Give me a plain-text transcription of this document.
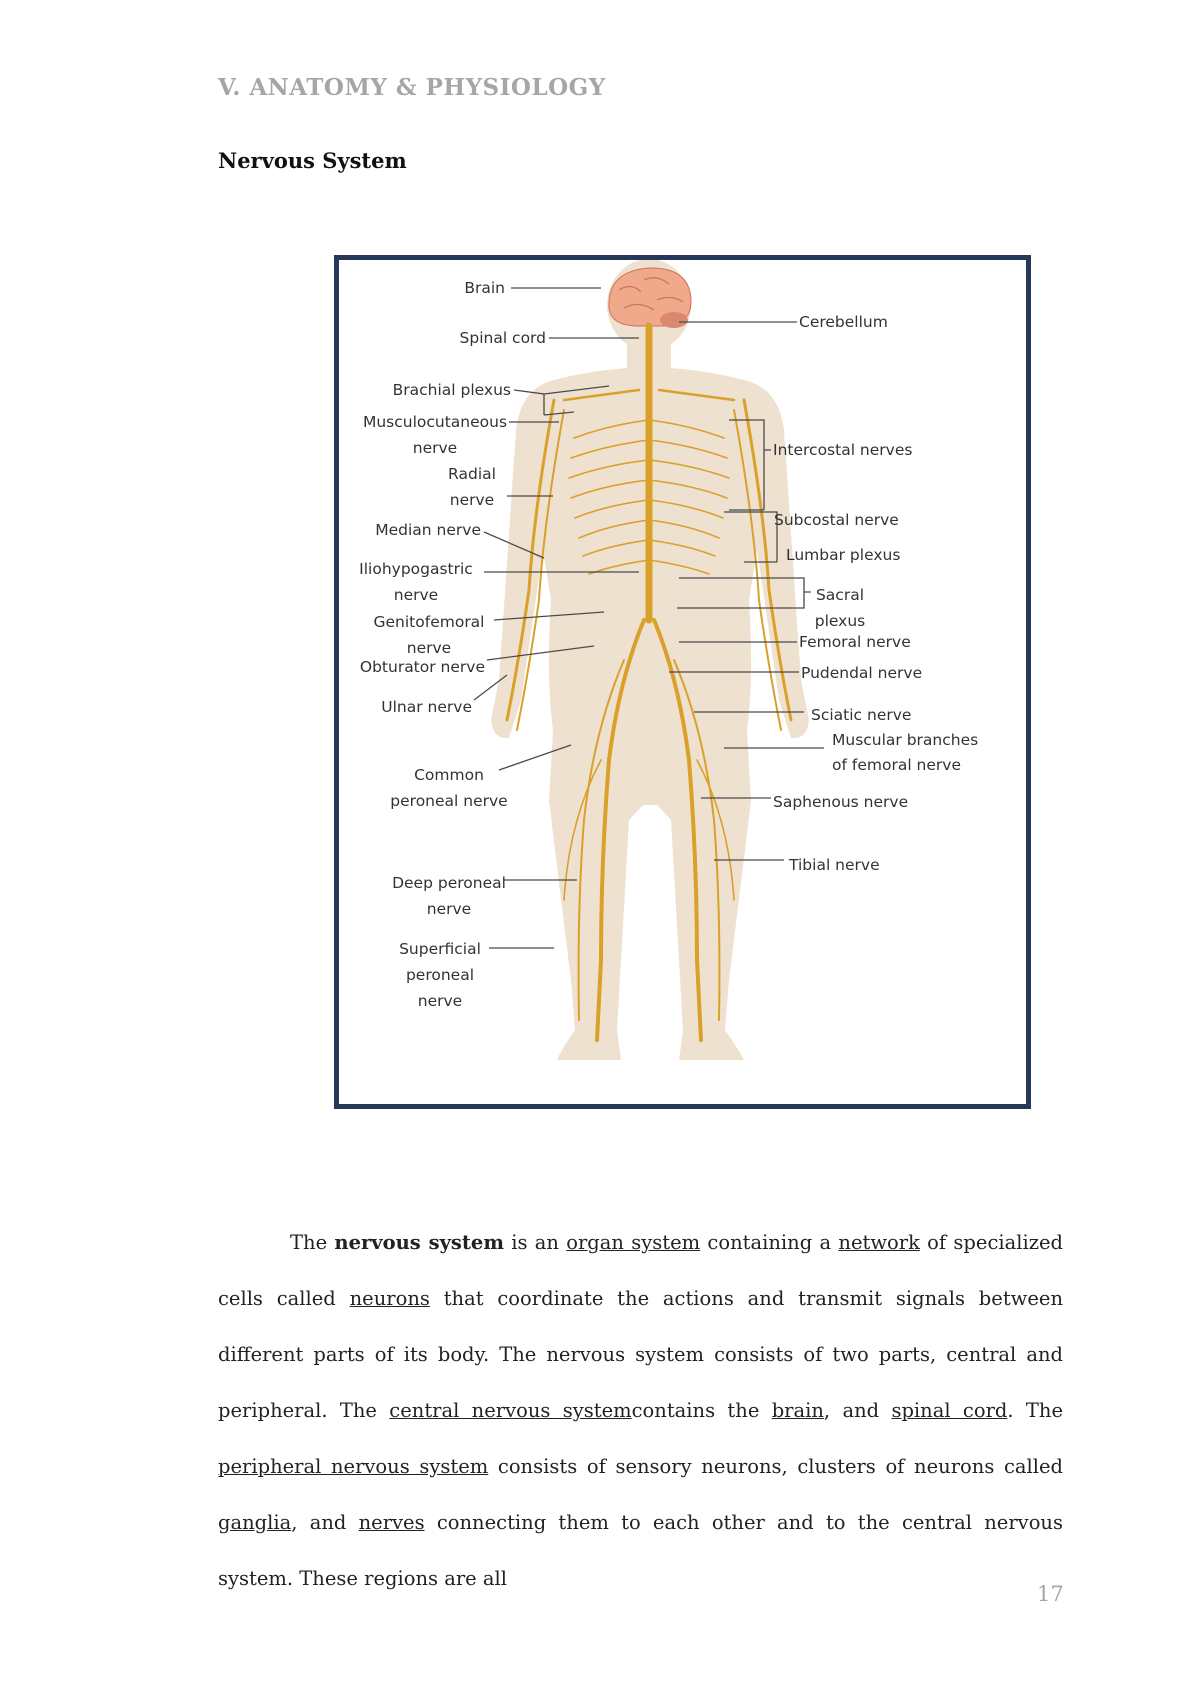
V. ANATOMY & PHYSIOLOGY
Nervous System
Brain
Spinal cord
Brachial plexus
Musculocutaneous
nerve
Radial
nerve
Median nerve
Iliohypogastric
nerve
Genitofemoral
nerve
Obturator nerve
Ulnar nerve
Common
peroneal nerve
Deep peroneal
nerve
Superficial
peroneal
nerve
Cerebellum
Intercostal nerves
Subcostal nerve
Lumbar plexus
Sacral
plexus
Femoral nerve
Pudendal nerve
Sciatic nerve
Muscular branches
of femoral nerve
Saphenous nerve
Tibial nerve
The nervous system is an organ system containing a network of specialized cells called neurons that coordinate the actions and transmit signals between different parts of its body. The nervous system consists of two parts, central and peripheral. The central nervous systemcontains the brain, and spinal cord. The peripheral nervous system consists of sensory neurons, clusters of neurons called ganglia, and nerves connecting them to each other and to the central nervous system. These regions are all
17
